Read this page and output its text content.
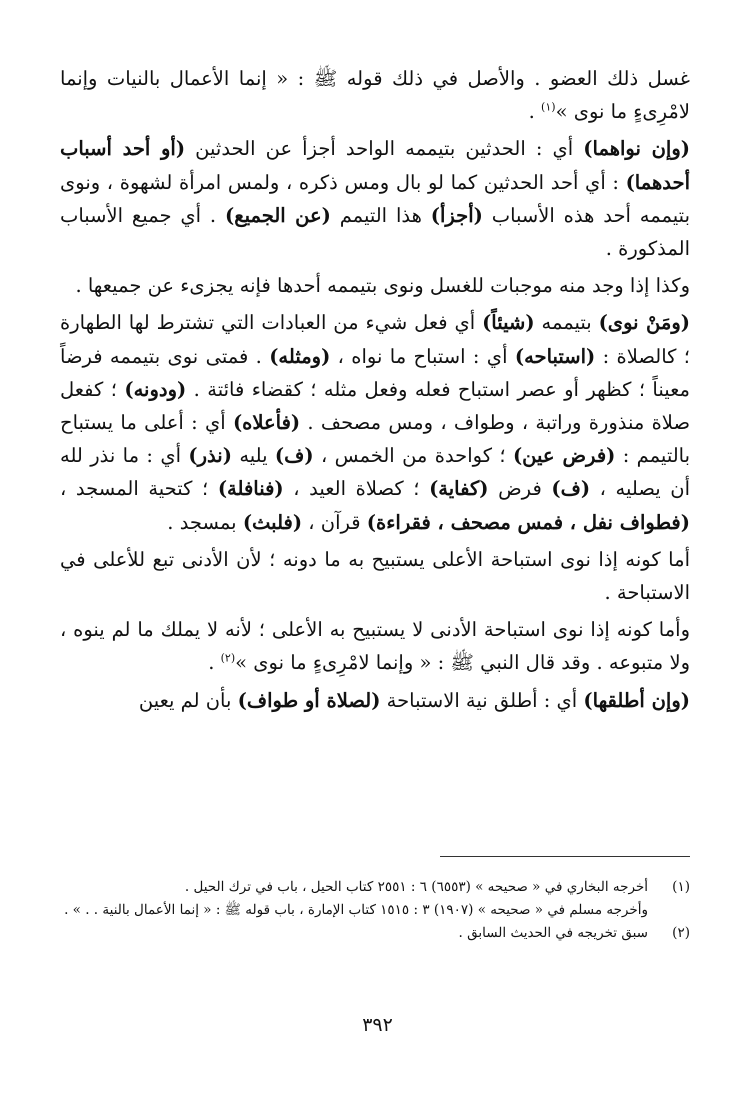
غسل ذلك العضو . والأصل في ذلك قوله ﷺ : « إنما الأعمال بالنيات وإنما لامْرِىءٍ ما نوى »$^{(١)}$ .

(وإن نواهما) أي : الحدثين بتيممه الواحد أجزأ عن الحدثين (أو أحد أسباب أحدهما) : أي أحد الحدثين كما لو بال ومس ذكره ، ولمس امرأة لشهوة ، ونوى بتيممه أحد هذه الأسباب (أجزأ) هذا التيمم (عن الجميع) . أي جميع الأسباب المذكورة .

وكذا إذا وجد منه موجبات للغسل ونوى بتيممه أحدها فإنه يجزىء عن جميعها .

(ومَنْ نوى) بتيممه (شيئاً) أي فعل شيء من العبادات التي تشترط لها الطهارة ؛ كالصلاة : (استباحه) أي : استباح ما نواه ، (ومثله) . فمتى نوى بتيممه فرضاً معيناً ؛ كظهر أو عصر استباح فعله وفعل مثله ؛ كقضاء فائتة . (ودونه) ؛ كفعل صلاة منذورة وراتبة ، وطواف ، ومس مصحف . (فأعلاه) أي : أعلى ما يستباح بالتيمم : (فرض عين) ؛ كواحدة من الخمس ، (ف) يليه (نذر) أي : ما نذر لله أن يصليه ، (ف) فرض (كفاية) ؛ كصلاة العيد ، (فنافلة) ؛ كتحية المسجد ، (فطواف نفل ، فمس مصحف ، فقراءة) قرآن ، (فلبث) بمسجد .

أما كونه إذا نوى استباحة الأعلى يستبيح به ما دونه ؛ لأن الأدنى تبع للأعلى في الاستباحة .

وأما كونه إذا نوى استباحة الأدنى لا يستبيح به الأعلى ؛ لأنه لا يملك ما لم ينوه ، ولا متبوعه . وقد قال النبي ﷺ : « وإنما لامْرِىءٍ ما نوى »$^{(٢)}$ .

(وإن أطلقها) أي : أطلق نية الاستباحة (لصلاة أو طواف) بأن لم يعين

(١)
أخرجه البخاري في « صحيحه » (٦٥٥٣) ٦ : ٢٥٥١ كتاب الحيل ، باب في ترك الحيل .
وأخرجه مسلم في « صحيحه » (١٩٠٧) ٣ : ١٥١٥ كتاب الإمارة ، باب قوله ﷺ : « إنما الأعمال بالنية . . » .
(٢)
سبق تخريجه في الحديث السابق .
٣٩٢
